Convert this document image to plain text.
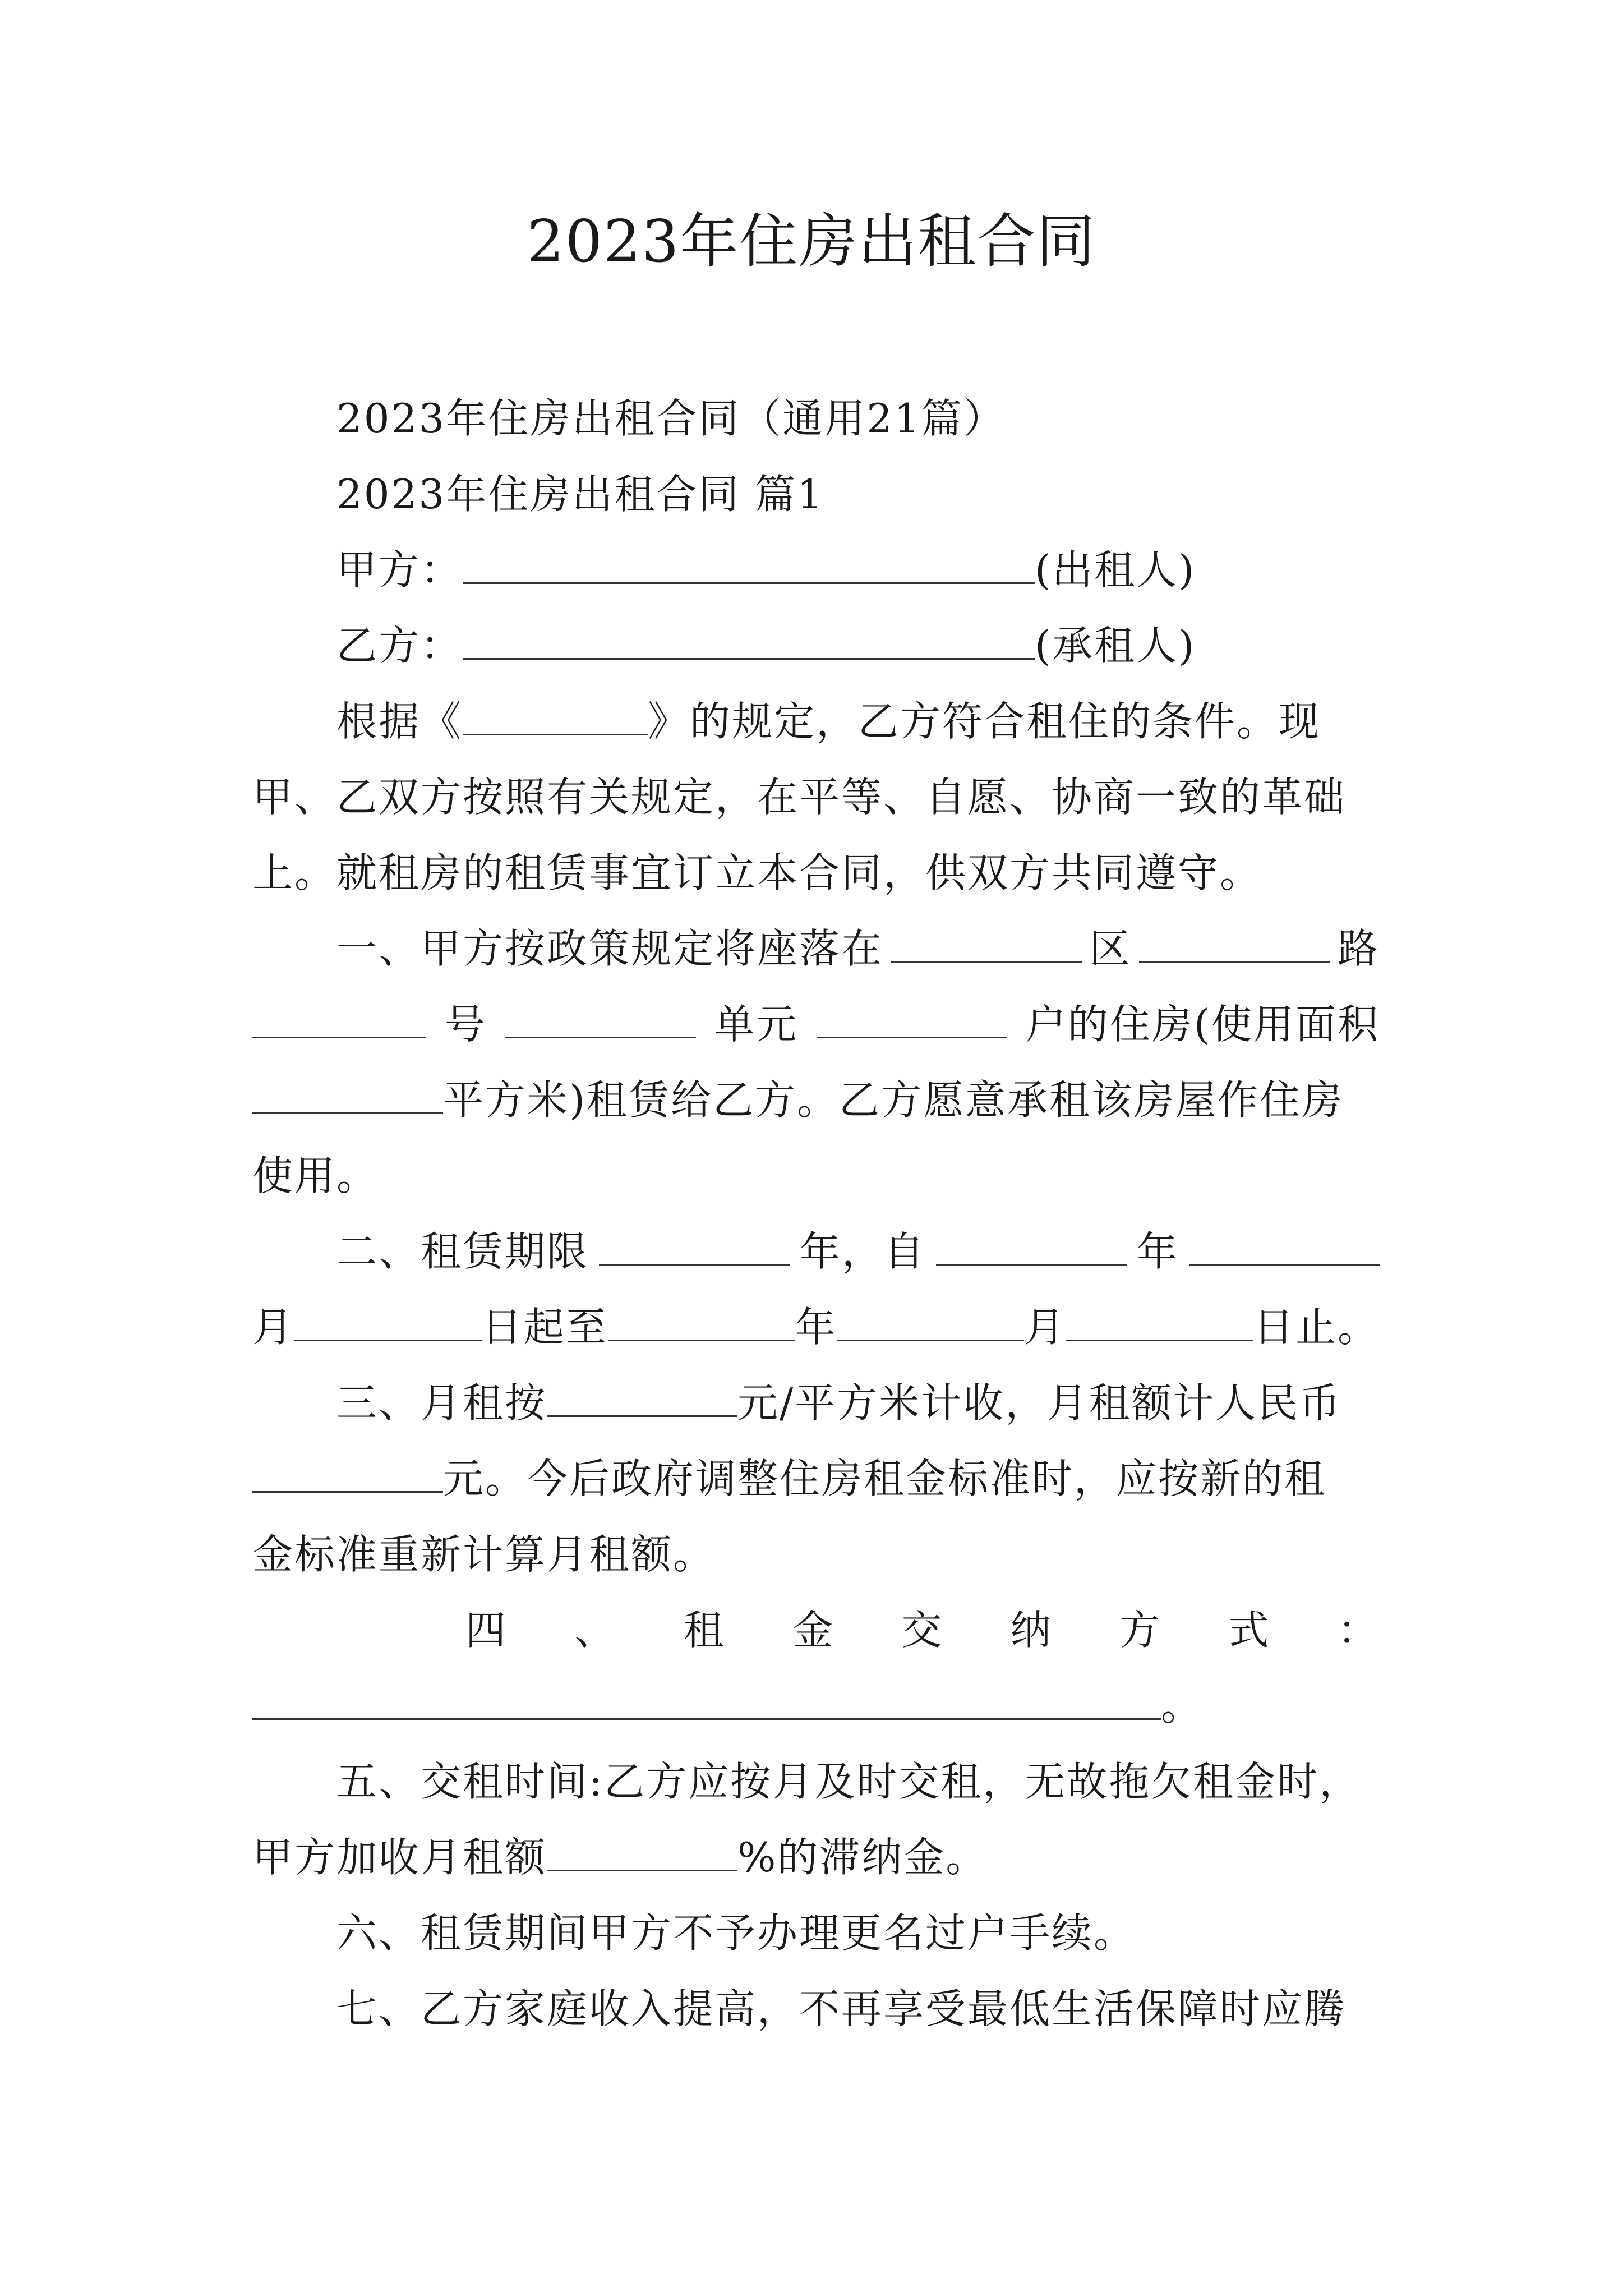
2023年住房出租合同
2023年住房出租合同（通用21篇）
2023年住房出租合同 篇1
甲方：	(出租人)
乙方：	(承租人)
根据《	》的规定，乙方符合租住的条件。现
甲、乙双方按照有关规定，在平等、自愿、协商一致的革础
上。就租房的租赁事宜订立本合同，供双方共同遵守。
一、甲方按政策规定将座落在	区	路
号	单元	户的住房(使用面积
平方米)租赁给乙方。乙方愿意承租该房屋作住房
使用。
二、租赁期限	年，自	年
月	日起至	年	月	日止。
三、月租按	元/平方米计收，月租额计人民币
元。今后政府调整住房租金标准时，应按新的租
金标准重新计算月租额。
四 、 租 金 交 纳 方 式 ：
。
五、交租时间:乙方应按月及时交租，无故拖欠租金时，
甲方加收月租额	%的滞纳金。
六、租赁期间甲方不予办理更名过户手续。
七、乙方家庭收入提高，不再享受最低生活保障时应腾
